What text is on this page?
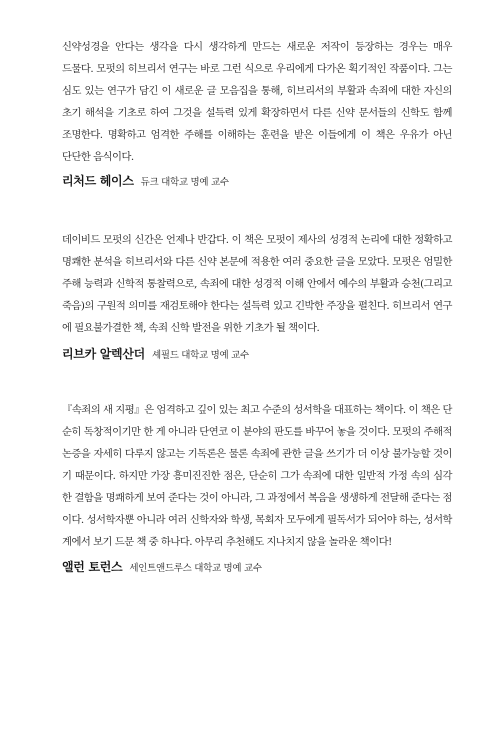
신약성경을 안다는 생각을 다시 생각하게 만드는 새로운 저작이 등장하는 경우는 매우 드물다. 모펏의 히브리서 연구는 바로 그런 식으로 우리에게 다가온 획기적인 작품이다. 그는 심도 있는 연구가 담긴 이 새로운 글 모음집을 통해, 히브리서의 부활과 속죄에 대한 자신의 초기 해석을 기초로 하여 그것을 설득력 있게 확장하면서 다른 신약 문서들의 신학도 함께 조명한다. 명확하고 엄격한 주해를 이해하는 훈련을 받은 이들에게 이 책은 우유가 아닌 단단한 음식이다.

리처드 헤이스 듀크 대학교 명예 교수

데이비드 모펏의 신간은 언제나 반갑다. 이 책은 모펏이 제사의 성경적 논리에 대한 정확하고 명쾌한 분석을 히브리서와 다른 신약 본문에 적용한 여러 중요한 글을 모았다. 모펏은 엄밀한 주해 능력과 신학적 통찰력으로, 속죄에 대한 성경적 이해 안에서 예수의 부활과 승천(그리고 죽음)의 구원적 의미를 재검토해야 한다는 설득력 있고 긴박한 주장을 펼친다. 히브리서 연구에 필요불가결한 책, 속죄 신학 발전을 위한 기초가 될 책이다.

리브카 알렉산더 셰필드 대학교 명예 교수

『속죄의 새 지평』은 엄격하고 깊이 있는 최고 수준의 성서학을 대표하는 책이다. 이 책은 단순히 독창적이기만 한 게 아니라 단연코 이 분야의 판도를 바꾸어 놓을 것이다. 모펏의 주해적 논증을 자세히 다루지 않고는 기독론은 물론 속죄에 관한 글을 쓰기가 더 이상 불가능할 것이기 때문이다. 하지만 가장 흥미진진한 점은, 단순히 그가 속죄에 대한 일반적 가정 속의 심각한 결함을 명쾌하게 보여 준다는 것이 아니라, 그 과정에서 복음을 생생하게 전달해 준다는 점이다. 성서학자뿐 아니라 여러 신학자와 학생, 목회자 모두에게 필독서가 되어야 하는, 성서학계에서 보기 드문 책 중 하나다. 아무리 추천해도 지나치지 않을 놀라운 책이다!

앨런 토런스 세인트앤드루스 대학교 명예 교수
